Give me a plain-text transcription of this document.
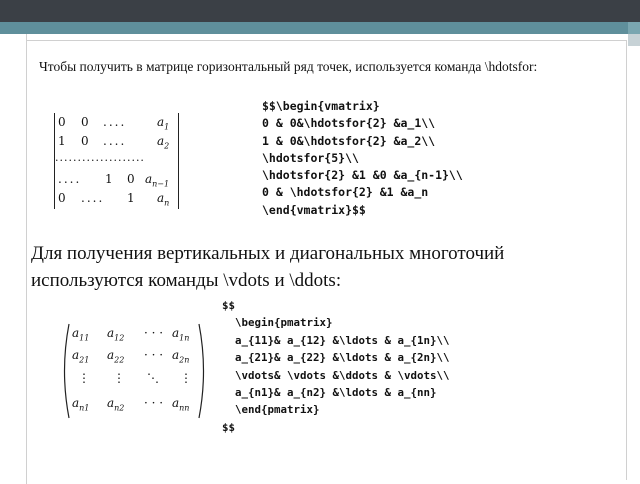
Чтобы получить в матрице горизонтальный ряд точек, используется команда \hdotsfor:
0 0 ....	$a_1$
1 0 ....	$a_2$
....................
.... 1 0 $a_{n-1}$
0 .... 1 $a_n$
$$\begin{vmatrix}
0 & 0&\hdotsfor{2} &a_1\\
1 & 0&\hdotsfor{2} &a_2\\
\hdotsfor{5}\\
\hdotsfor{2} &1 &0 &a_{n-1}\\
0 & \hdotsfor{2} &1 &a_n
\end{vmatrix}$$
Для получения вертикальных и диагональных многоточий используются команды \vdots и \ddots:
$a_{11}$ $a_{12}$ · · · $a_{1n}$
$a_{21}$ $a_{22}$ · · · $a_{2n}$
⋮ ⋮ ⋱ ⋮
$a_{n1}$ $a_{n2}$ · · · $a_{nn}$
$$
\begin{pmatrix}
a_{11}& a_{12} &\ldots & a_{1n}\\
a_{21}& a_{22} &\ldots & a_{2n}\\
\vdots& \vdots &\ddots & \vdots\\
a_{n1}& a_{n2} &\ldots & a_{nn}
\end{pmatrix}
$$
